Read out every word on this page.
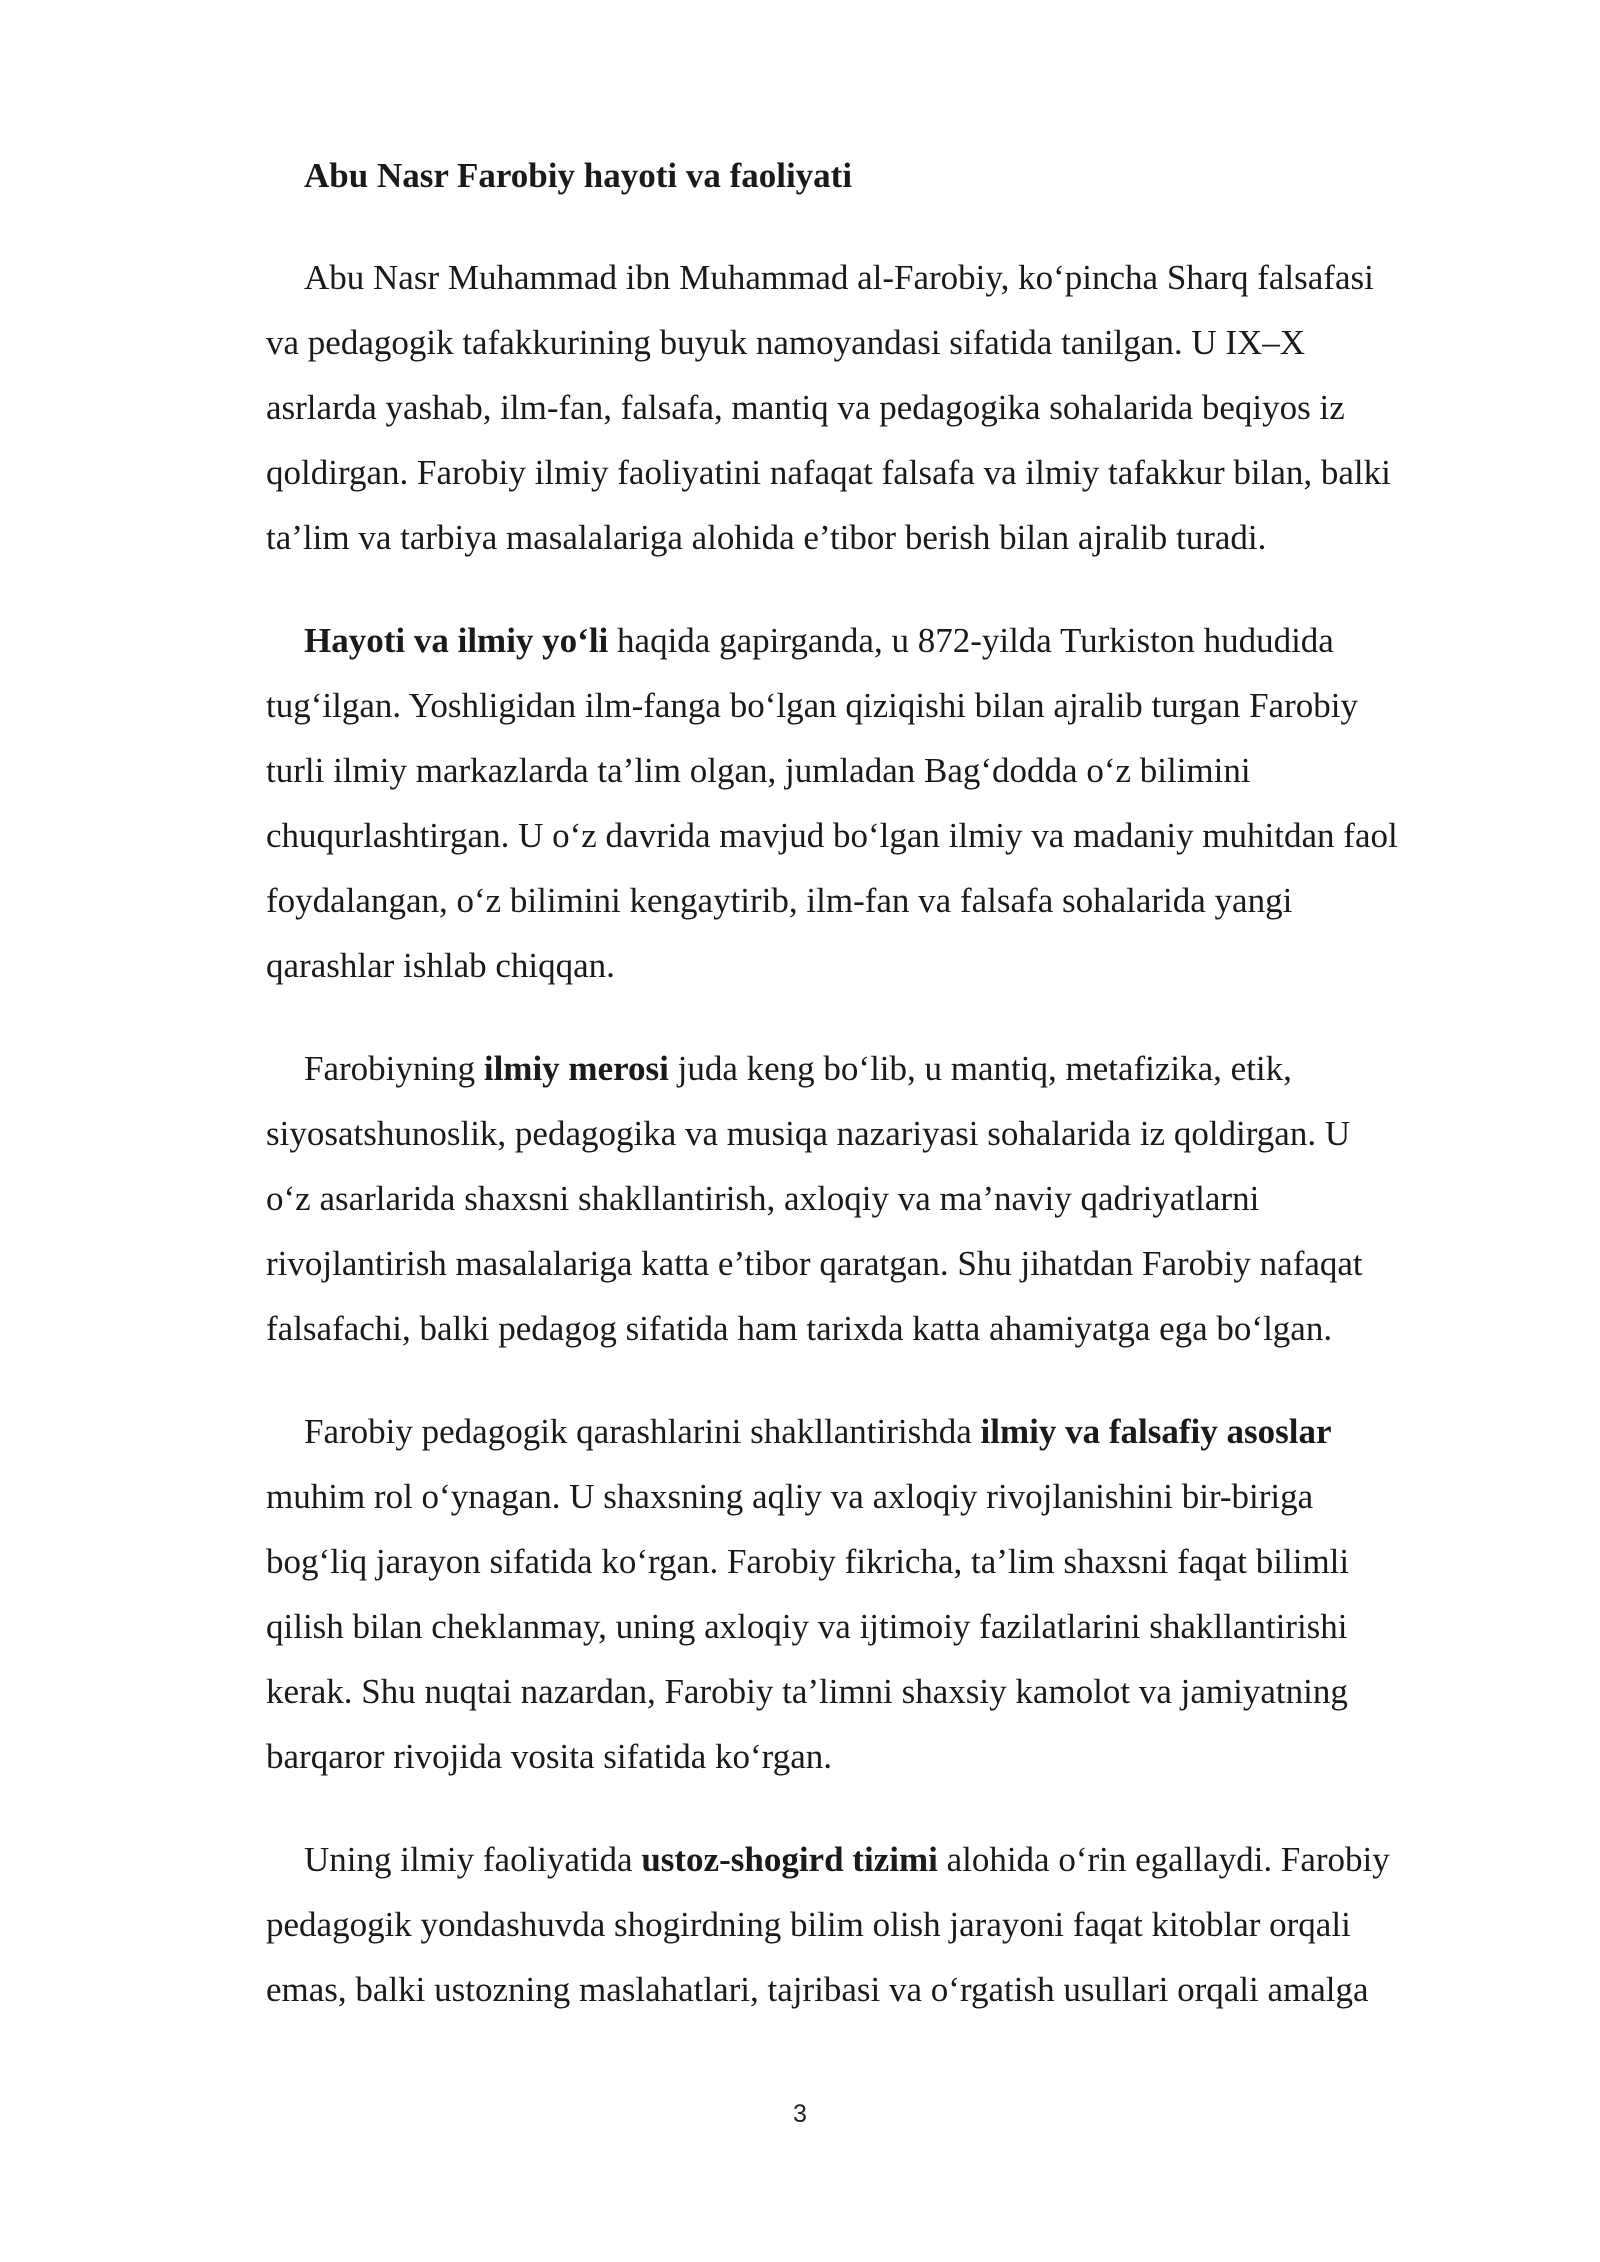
Abu Nasr Farobiy hayoti va faoliyati
Abu Nasr Muhammad ibn Muhammad al-Farobiy, ko‘pincha Sharq falsafasi
va pedagogik tafakkurining buyuk namoyandasi sifatida tanilgan. U IX–X
asrlarda yashab, ilm-fan, falsafa, mantiq va pedagogika sohalarida beqiyos iz
qoldirgan. Farobiy ilmiy faoliyatini nafaqat falsafa va ilmiy tafakkur bilan, balki
ta’lim va tarbiya masalalariga alohida e’tibor berish bilan ajralib turadi.
Hayoti va ilmiy yo‘li haqida gapirganda, u 872-yilda Turkiston hududida
tug‘ilgan. Yoshligidan ilm-fanga bo‘lgan qiziqishi bilan ajralib turgan Farobiy
turli ilmiy markazlarda ta’lim olgan, jumladan Bag‘dodda o‘z bilimini
chuqurlashtirgan. U o‘z davrida mavjud bo‘lgan ilmiy va madaniy muhitdan faol
foydalangan, o‘z bilimini kengaytirib, ilm-fan va falsafa sohalarida yangi
qarashlar ishlab chiqqan.
Farobiyning ilmiy merosi juda keng bo‘lib, u mantiq, metafizika, etik,
siyosatshunoslik, pedagogika va musiqa nazariyasi sohalarida iz qoldirgan. U
o‘z asarlarida shaxsni shakllantirish, axloqiy va ma’naviy qadriyatlarni
rivojlantirish masalalariga katta e’tibor qaratgan. Shu jihatdan Farobiy nafaqat
falsafachi, balki pedagog sifatida ham tarixda katta ahamiyatga ega bo‘lgan.
Farobiy pedagogik qarashlarini shakllantirishda ilmiy va falsafiy asoslar
muhim rol o‘ynagan. U shaxsning aqliy va axloqiy rivojlanishini bir-biriga
bog‘liq jarayon sifatida ko‘rgan. Farobiy fikricha, ta’lim shaxsni faqat bilimli
qilish bilan cheklanmay, uning axloqiy va ijtimoiy fazilatlarini shakllantirishi
kerak. Shu nuqtai nazardan, Farobiy ta’limni shaxsiy kamolot va jamiyatning
barqaror rivojida vosita sifatida ko‘rgan.
Uning ilmiy faoliyatida ustoz-shogird tizimi alohida o‘rin egallaydi. Farobiy
pedagogik yondashuvda shogirdning bilim olish jarayoni faqat kitoblar orqali
emas, balki ustozning maslahatlari, tajribasi va o‘rgatish usullari orqali amalga
3
